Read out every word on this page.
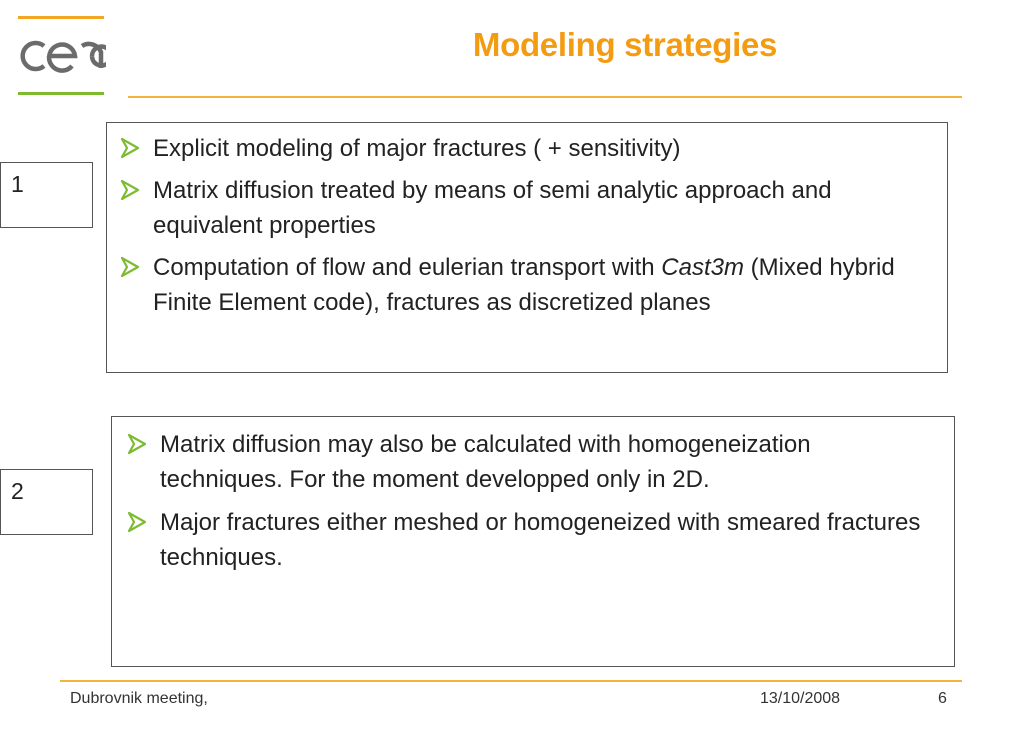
Modeling strategies
1
Explicit modeling of major fractures ( + sensitivity)
Matrix diffusion treated by means of semi analytic approach and equivalent properties
Computation of flow and eulerian transport with Cast3m (Mixed hybrid Finite Element code), fractures as discretized planes
2
Matrix diffusion may also be calculated with homogeneization techniques. For the moment developped only in 2D.
Major fractures either meshed or homogeneized with smeared fractures techniques.
Dubrovnik meeting,	13/10/2008	6
